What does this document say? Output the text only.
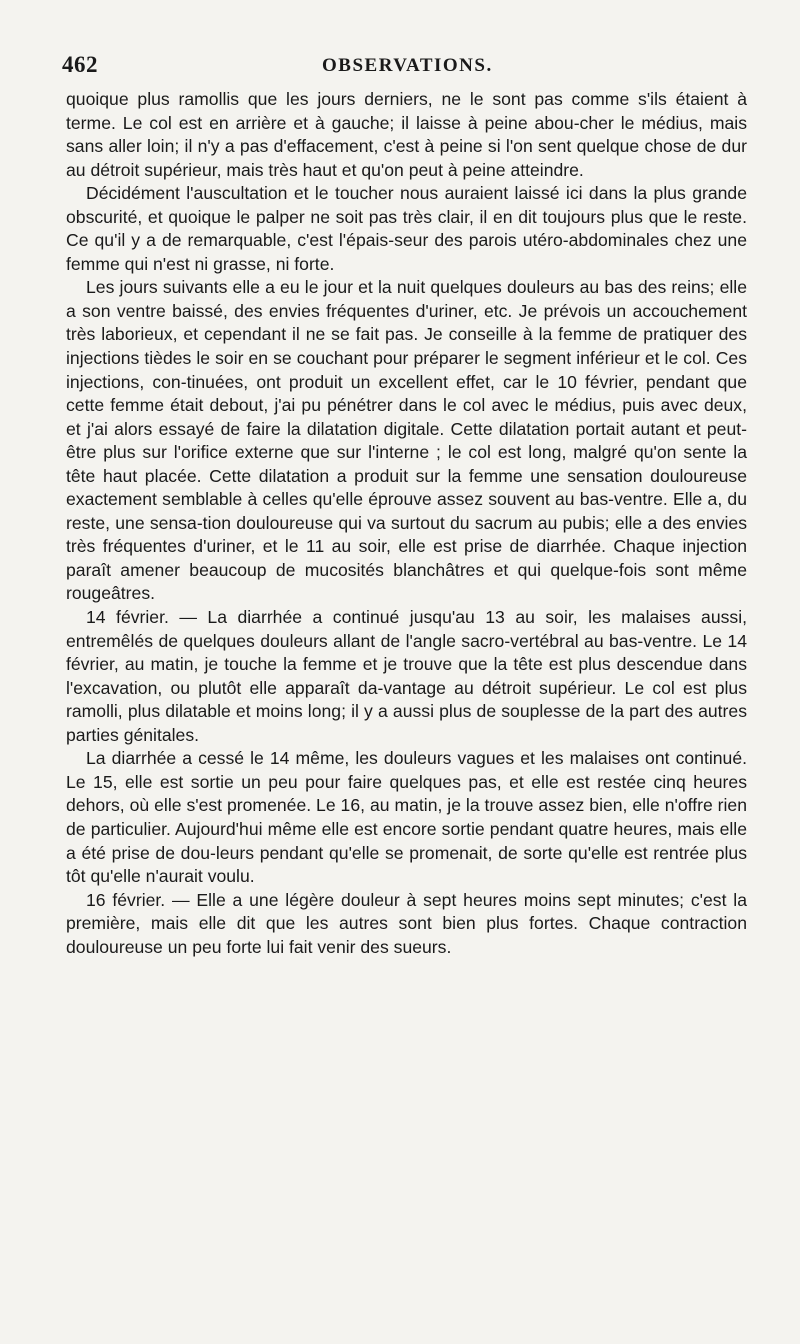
462	OBSERVATIONS.

quoique plus ramollis que les jours derniers, ne le sont pas comme s'ils étaient à terme. Le col est en arrière et à gauche; il laisse à peine abou-cher le médius, mais sans aller loin; il n'y a pas d'effacement, c'est à peine si l'on sent quelque chose de dur au détroit supérieur, mais très haut et qu'on peut à peine atteindre.

Décidément l'auscultation et le toucher nous auraient laissé ici dans la plus grande obscurité, et quoique le palper ne soit pas très clair, il en dit toujours plus que le reste. Ce qu'il y a de remarquable, c'est l'épais-seur des parois utéro-abdominales chez une femme qui n'est ni grasse, ni forte.

Les jours suivants elle a eu le jour et la nuit quelques douleurs au bas des reins; elle a son ventre baissé, des envies fréquentes d'uriner, etc. Je prévois un accouchement très laborieux, et cependant il ne se fait pas. Je conseille à la femme de pratiquer des injections tièdes le soir en se couchant pour préparer le segment inférieur et le col. Ces injections, con-tinuées, ont produit un excellent effet, car le 10 février, pendant que cette femme était debout, j'ai pu pénétrer dans le col avec le médius, puis avec deux, et j'ai alors essayé de faire la dilatation digitale. Cette dilatation portait autant et peut-être plus sur l'orifice externe que sur l'interne ; le col est long, malgré qu'on sente la tête haut placée. Cette dilatation a produit sur la femme une sensation douloureuse exactement semblable à celles qu'elle éprouve assez souvent au bas-ventre. Elle a, du reste, une sensa-tion douloureuse qui va surtout du sacrum au pubis; elle a des envies très fréquentes d'uriner, et le 11 au soir, elle est prise de diarrhée. Chaque injection paraît amener beaucoup de mucosités blanchâtres et qui quelque-fois sont même rougeâtres.

14 février. — La diarrhée a continué jusqu'au 13 au soir, les malaises aussi, entremêlés de quelques douleurs allant de l'angle sacro-vertébral au bas-ventre. Le 14 février, au matin, je touche la femme et je trouve que la tête est plus descendue dans l'excavation, ou plutôt elle apparaît da-vantage au détroit supérieur. Le col est plus ramolli, plus dilatable et moins long; il y a aussi plus de souplesse de la part des autres parties génitales.

La diarrhée a cessé le 14 même, les douleurs vagues et les malaises ont continué. Le 15, elle est sortie un peu pour faire quelques pas, et elle est restée cinq heures dehors, où elle s'est promenée. Le 16, au matin, je la trouve assez bien, elle n'offre rien de particulier. Aujourd'hui même elle est encore sortie pendant quatre heures, mais elle a été prise de dou-leurs pendant qu'elle se promenait, de sorte qu'elle est rentrée plus tôt qu'elle n'aurait voulu.

16 février. — Elle a une légère douleur à sept heures moins sept minutes; c'est la première, mais elle dit que les autres sont bien plus fortes. Chaque contraction douloureuse un peu forte lui fait venir des sueurs.
